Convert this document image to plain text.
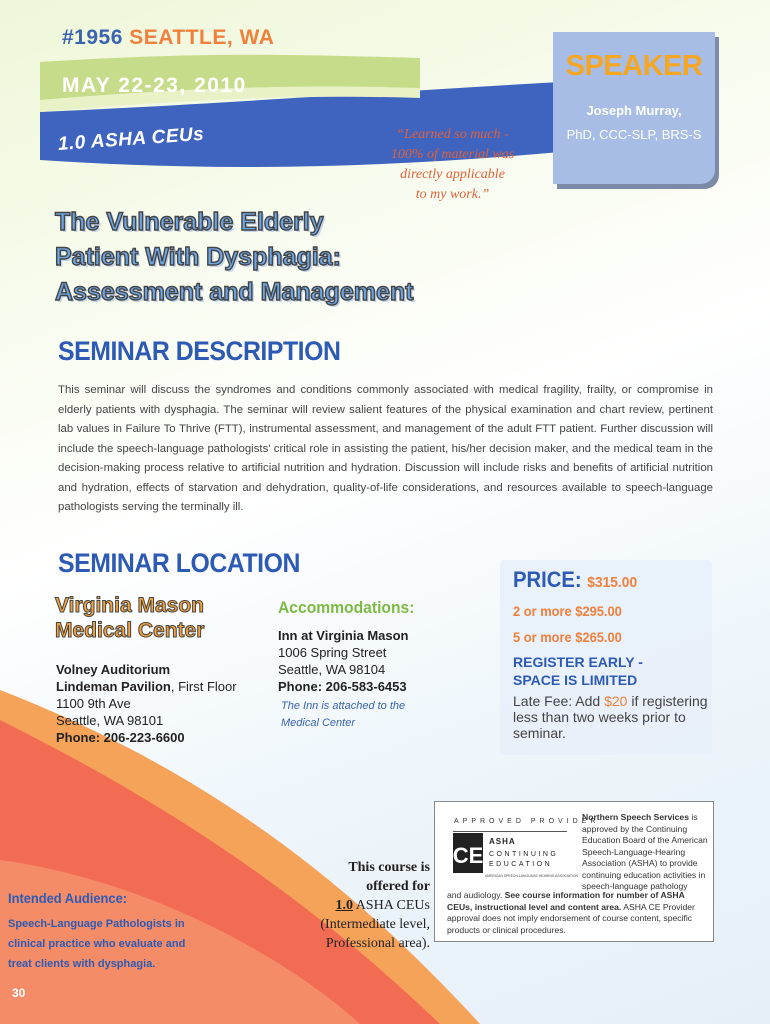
#1956 SEATTLE, WA
MAY 22-23, 2010
1.0 ASHA CEUs	“Learned so much -
100% of material was
directly applicable
to my work.”
SPEAKER
Joseph Murray,
PhD, CCC-SLP, BRS-S
The Vulnerable Elderly
Patient With Dysphagia:
Assessment and Management
SEMINAR DESCRIPTION
This seminar will discuss the syndromes and conditions commonly associated with medical fragility, frailty, or compromise in elderly patients with dysphagia. The seminar will review salient features of the physical examination and chart review, pertinent lab values in Failure To Thrive (FTT), instrumental assessment, and management of the adult FTT patient. Further discussion will include the speech-language pathologists’ critical role in assisting the patient, his/her decision maker, and the medical team in the decision-making process relative to artificial nutrition and hydration. Discussion will include risks and benefits of artificial nutrition and hydration, effects of starvation and dehydration, quality-of-life considerations, and resources available to speech-language pathologists serving the terminally ill.
SEMINAR LOCATION
Virginia Mason
Medical Center
Volney Auditorium
Lindeman Pavilion, First Floor
1100 9th Ave
Seattle, WA 98101
Phone: 206-223-6600
Accommodations:
Inn at Virginia Mason
1006 Spring Street
Seattle, WA 98104
Phone: 206-583-6453
The Inn is attached to the
Medical Center
PRICE: $315.00
2 or more $295.00
5 or more $265.00
REGISTER EARLY -
SPACE IS LIMITED
Late Fee: Add $20 if registering less than two weeks prior to seminar.
This course is
offered for
1.0 ASHA CEUs
(Intermediate level,
Professional area).
APPROVED PROVIDER
CE
ASHA
CONTINUING
EDUCATION
AMERICAN SPEECH-LANGUAGE-HEARING ASSOCIATION
Northern Speech Services is approved by the Continuing Education Board of the American Speech-Language-Hearing Association (ASHA) to provide continuing education activities in speech-language pathology
and audiology. See course information for number of ASHA CEUs, instructional level and content area. ASHA CE Provider approval does not imply endorsement of course content, specific products or clinical procedures.
Intended Audience:
Speech-Language Pathologists in
clinical practice who evaluate and
treat clients with dysphagia.
30
